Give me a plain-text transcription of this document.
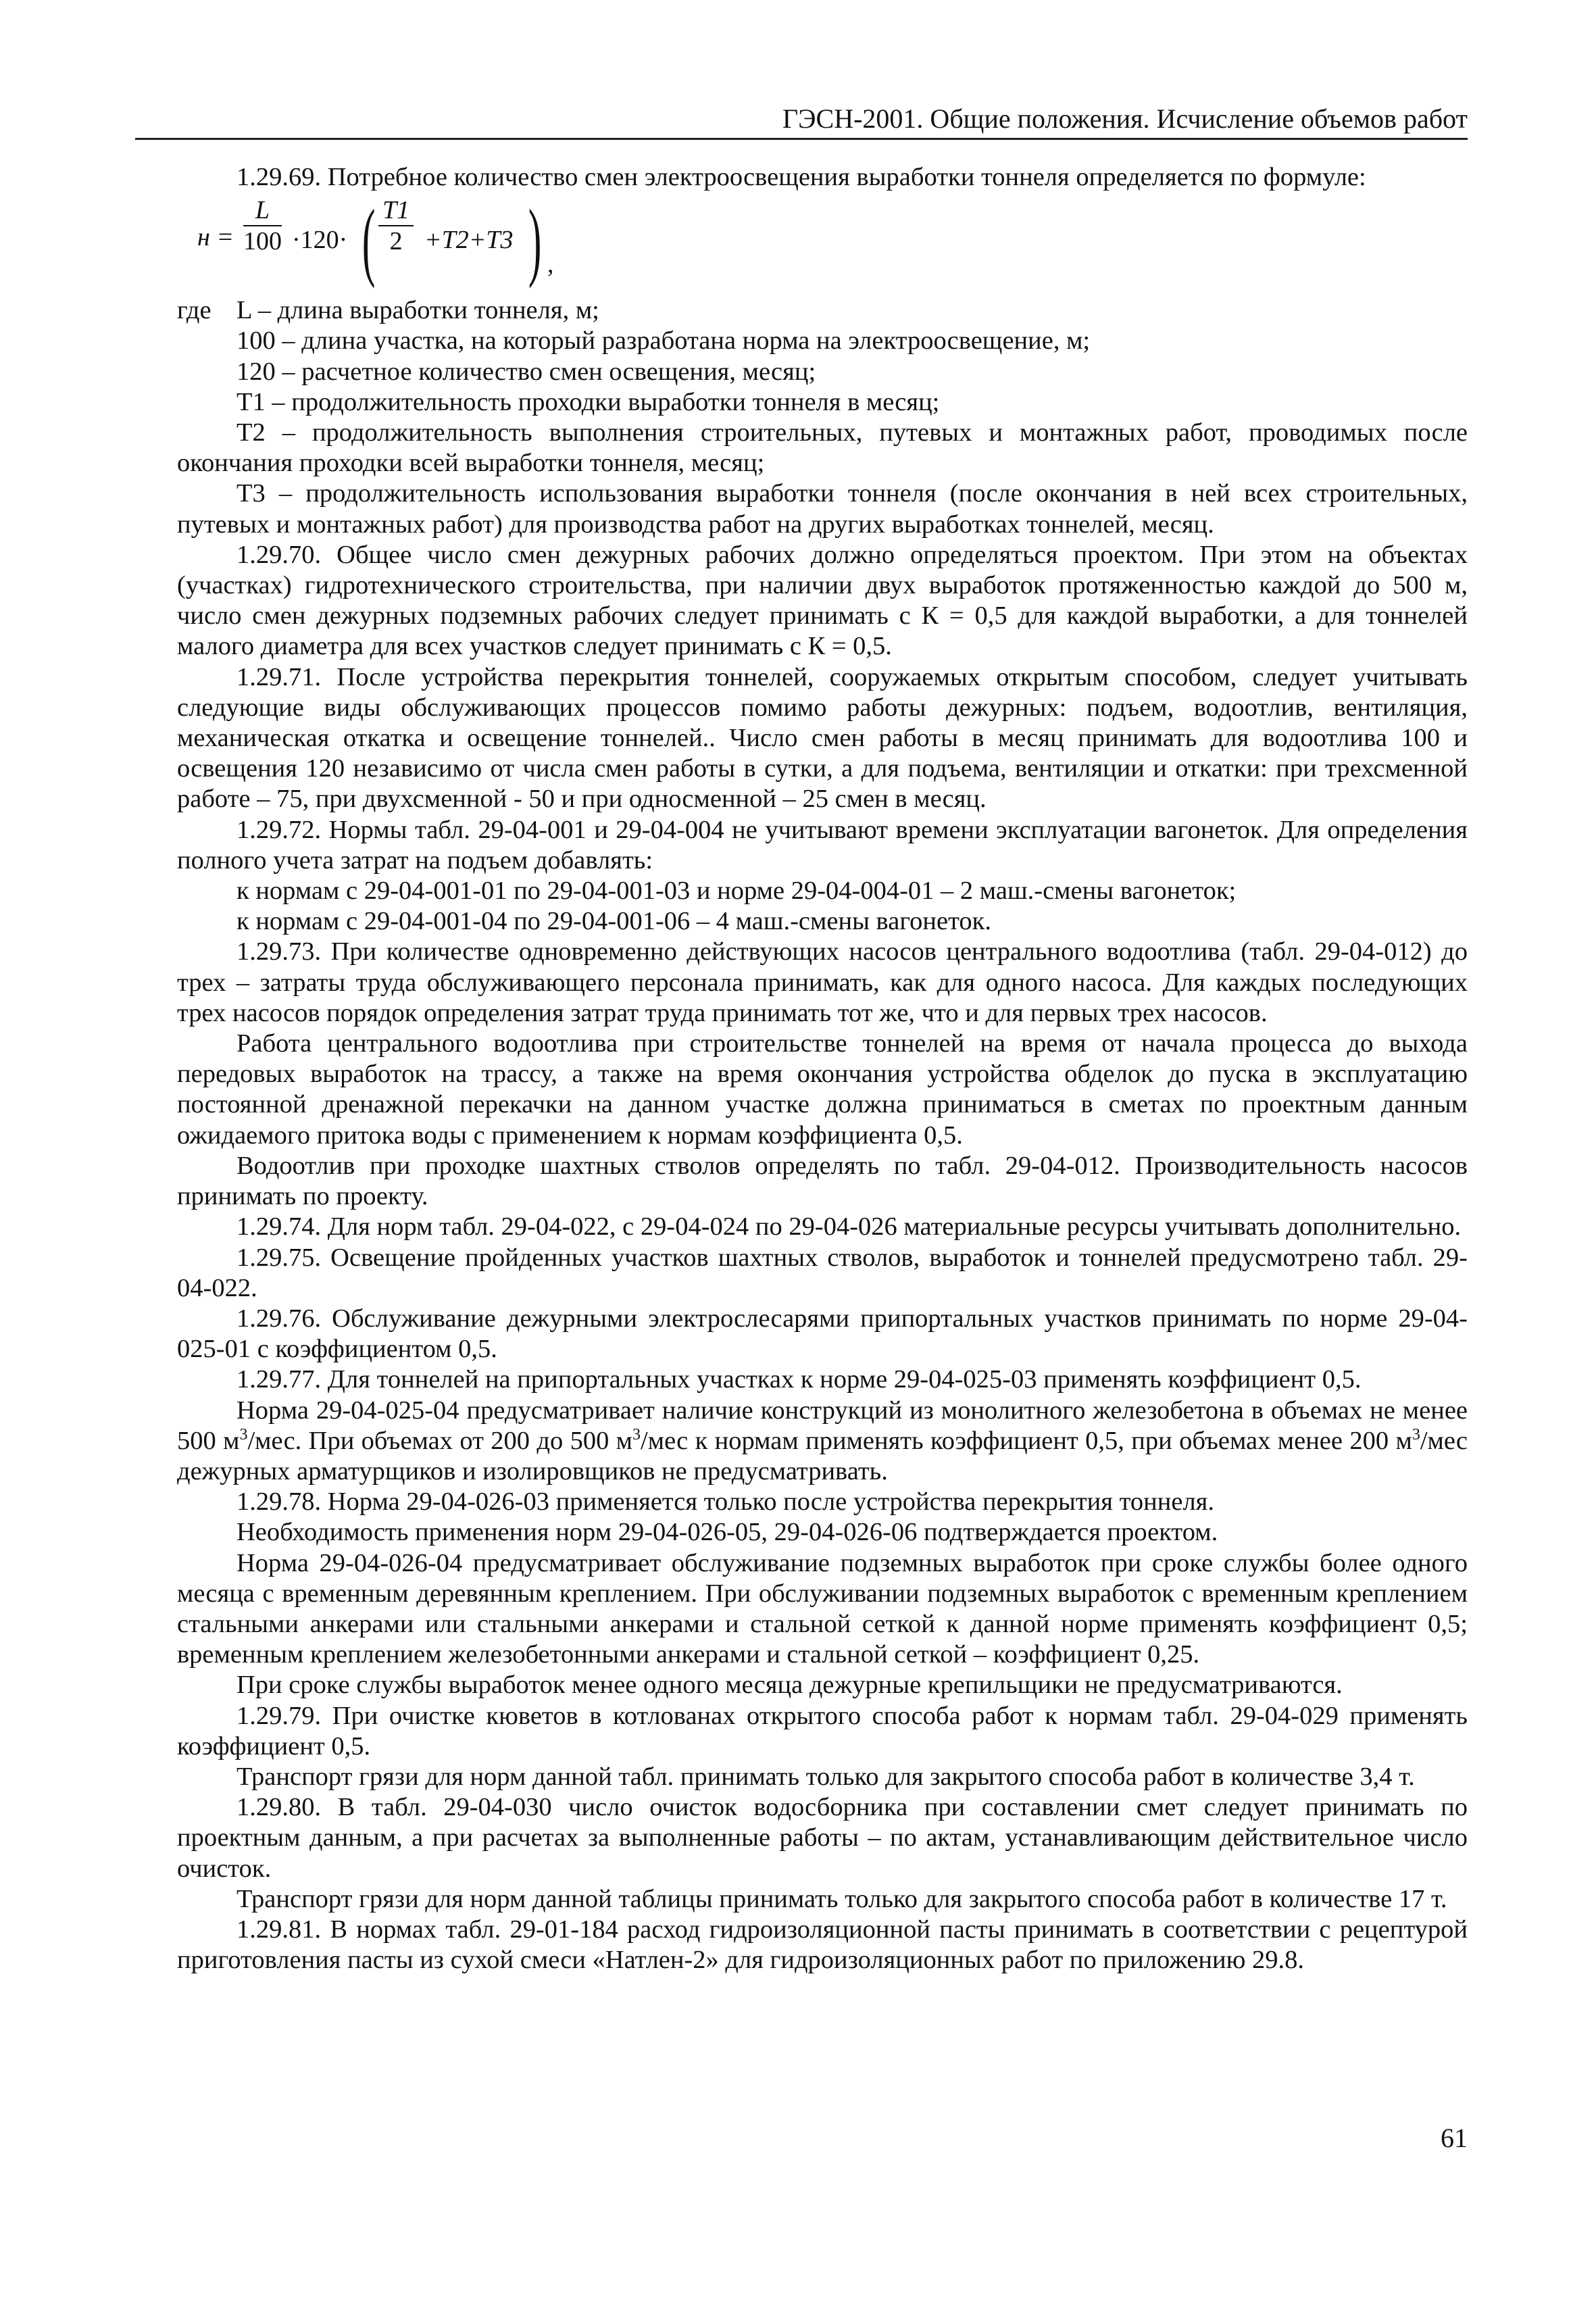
ГЭСН-2001. Общие положения. Исчисление объемов работ

1.29.69. Потребное количество смен электроосвещения выработки тоннеля определяется по формуле:

$н = \frac{L}{100} \cdot 120\cdot$ ( $\frac{T1}{2} +T2+T3$ ) ,
где L – длина выработки тоннеля, м;

100 – длина участка, на который разработана норма на электроосвещение, м;

120 – расчетное количество смен освещения, месяц;

T1 – продолжительность проходки выработки тоннеля в месяц;

T2 – продолжительность выполнения строительных, путевых и монтажных работ, проводимых после окончания проходки всей выработки тоннеля, месяц;

T3 – продолжительность использования выработки тоннеля (после окончания в ней всех строительных, путевых и монтажных работ) для производства работ на других выработках тоннелей, месяц.

1.29.70. Общее число смен дежурных рабочих должно определяться проектом. При этом на объектах (участках) гидротехнического строительства, при наличии двух выработок протяженностью каждой до 500 м, число смен дежурных подземных рабочих следует принимать с К = 0,5 для каждой выработки, а для тоннелей малого диаметра для всех участков следует принимать с К = 0,5.

1.29.71. После устройства перекрытия тоннелей, сооружаемых открытым способом, следует учитывать следующие виды обслуживающих процессов помимо работы дежурных: подъем, водоотлив, вентиляция, механическая откатка и освещение тоннелей.. Число смен работы в месяц принимать для водоотлива 100 и освещения 120 независимо от числа смен работы в сутки, а для подъема, вентиляции и откатки: при трехсменной работе – 75, при двухсменной - 50 и при односменной – 25 смен в месяц.

1.29.72. Нормы табл. 29-04-001 и 29-04-004 не учитывают времени эксплуатации вагонеток. Для определения полного учета затрат на подъем добавлять:

к нормам с 29-04-001-01 по 29-04-001-03 и норме 29-04-004-01 – 2 маш.-смены вагонеток;

к нормам с 29-04-001-04 по 29-04-001-06 – 4 маш.-смены вагонеток.

1.29.73. При количестве одновременно действующих насосов центрального водоотлива (табл. 29-04-012) до трех – затраты труда обслуживающего персонала принимать, как для одного насоса. Для каждых последующих трех насосов порядок определения затрат труда принимать тот же, что и для первых трех насосов.

Работа центрального водоотлива при строительстве тоннелей на время от начала процесса до выхода передовых выработок на трассу, а также на время окончания устройства обделок до пуска в эксплуатацию постоянной дренажной перекачки на данном участке должна приниматься в сметах по проектным данным ожидаемого притока воды с применением к нормам коэффициента 0,5.

Водоотлив при проходке шахтных стволов определять по табл. 29-04-012. Производительность насосов принимать по проекту.

1.29.74. Для норм табл. 29-04-022, с 29-04-024 по 29-04-026 материальные ресурсы учитывать дополнительно.

1.29.75. Освещение пройденных участков шахтных стволов, выработок и тоннелей предусмотрено табл. 29-04-022.

1.29.76. Обслуживание дежурными электрослесарями припортальных участков принимать по норме 29-04-025-01 с коэффициентом 0,5.

1.29.77. Для тоннелей на припортальных участках к норме 29-04-025-03 применять коэффициент 0,5.

Норма 29-04-025-04 предусматривает наличие конструкций из монолитного железобетона в объемах не менее 500 $м^3$/мес. При объемах от 200 до 500 $м^3$/мес к нормам применять коэффициент 0,5, при объемах менее 200 $м^3$/мес дежурных арматурщиков и изолировщиков не предусматривать.

1.29.78. Норма 29-04-026-03 применяется только после устройства перекрытия тоннеля.

Необходимость применения норм 29-04-026-05, 29-04-026-06 подтверждается проектом.

Норма 29-04-026-04 предусматривает обслуживание подземных выработок при сроке службы более одного месяца с временным деревянным креплением. При обслуживании подземных выработок с временным креплением стальными анкерами или стальными анкерами и стальной сеткой к данной норме применять коэффициент 0,5; временным креплением железобетонными анкерами и стальной сеткой – коэффициент 0,25.

При сроке службы выработок менее одного месяца дежурные крепильщики не предусматриваются.

1.29.79. При очистке кюветов в котлованах открытого способа работ к нормам табл. 29-04-029 применять коэффициент 0,5.

Транспорт грязи для норм данной табл. принимать только для закрытого способа работ в количестве 3,4 т.

1.29.80. В табл. 29-04-030 число очисток водосборника при составлении смет следует принимать по проектным данным, а при расчетах за выполненные работы – по актам, устанавливающим действительное число очисток.

Транспорт грязи для норм данной таблицы принимать только для закрытого способа работ в количестве 17 т.

1.29.81. В нормах табл. 29-01-184 расход гидроизоляционной пасты принимать в соответствии с рецептурой приготовления пасты из сухой смеси «Натлен-2» для гидроизоляционных работ по приложению 29.8.

61
